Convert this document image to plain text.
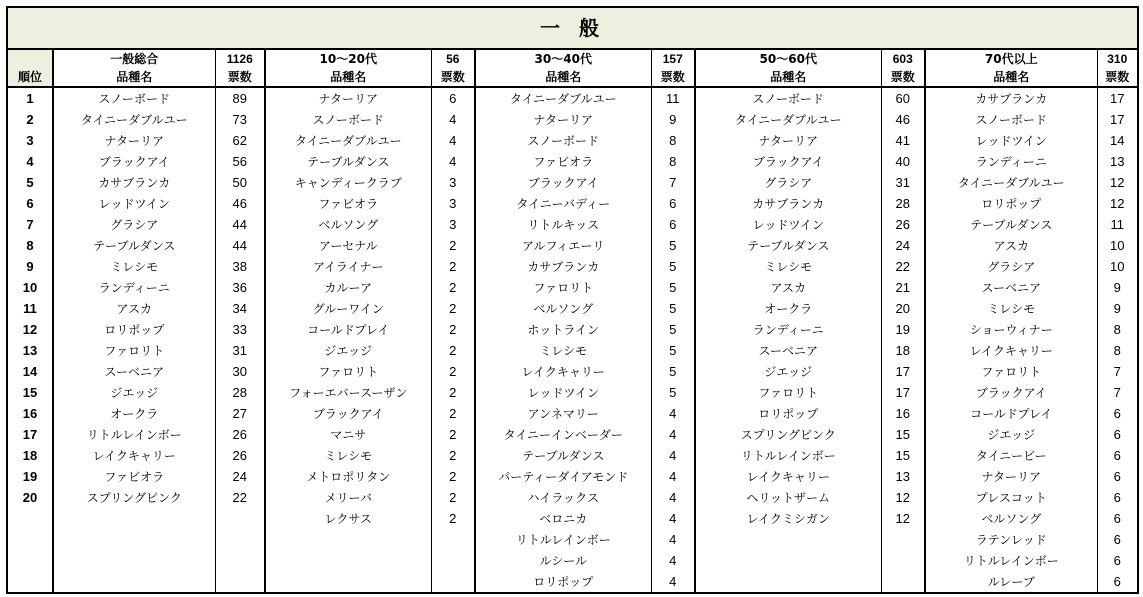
一 般										
	一般総合	1126	10～20代	56	30～40代	157	50～60代	603	70代以上	310
順位	品種名	票数	品種名	票数	品種名	票数	品種名	票数	品種名	票数
1	スノーボード	89	ナターリア	6	タイニーダブルユー	11	スノーボード	60	カサブランカ	17
2	タイニーダブルユー	73	スノーボード	4	ナターリア	9	タイニーダブルユー	46	スノーボード	17
3	ナターリア	62	タイニーダブルユー	4	スノーボード	8	ナターリア	41	レッドツイン	14
4	ブラックアイ	56	テーブルダンス	4	ファビオラ	8	ブラックアイ	40	ランディーニ	13
5	カサブランカ	50	キャンディークラブ	3	ブラックアイ	7	グラシア	31	タイニーダブルユー	12
6	レッドツイン	46	ファビオラ	3	タイニーバディー	6	カサブランカ	28	ロリポップ	12
7	グラシア	44	ベルソング	3	リトルキッス	6	レッドツイン	26	テーブルダンス	11
8	テーブルダンス	44	アーセナル	2	アルフィエーリ	5	テーブルダンス	24	アスカ	10
9	ミレシモ	38	アイライナー	2	カサブランカ	5	ミレシモ	22	グラシア	10
10	ランディーニ	36	カルーア	2	ファロリト	5	アスカ	21	スーベニア	9
11	アスカ	34	グルーワイン	2	ベルソング	5	オークラ	20	ミレシモ	9
12	ロリポップ	33	コールドプレイ	2	ホットライン	5	ランディーニ	19	ショーウィナー	8
13	ファロリト	31	ジエッジ	2	ミレシモ	5	スーベニア	18	レイクキャリー	8
14	スーベニア	30	ファロリト	2	レイクキャリー	5	ジエッジ	17	ファロリト	7
15	ジエッジ	28	フォーエバースーザン	2	レッドツイン	5	ファロリト	17	ブラックアイ	7
16	オークラ	27	ブラックアイ	2	アンネマリー	4	ロリポップ	16	コールドプレイ	6
17	リトルレインボー	26	マニサ	2	タイニーインベーダー	4	スプリングピンク	15	ジエッジ	6
18	レイクキャリー	26	ミレシモ	2	テーブルダンス	4	リトルレインボー	15	タイニービー	6
19	ファビオラ	24	メトロポリタン	2	パーティーダイアモンド	4	レイクキャリー	13	ナターリア	6
20	スプリングピンク	22	メリーバ	2	ハイラックス	4	ヘリットザーム	12	プレスコット	6
			レクサス	2	ベロニカ	4	レイクミシガン	12	ベルソング	6
					リトルレインボー	4			ラテンレッド	6
					ルシール	4			リトルレインボー	6
					ロリポップ	4			ルレーブ	6
